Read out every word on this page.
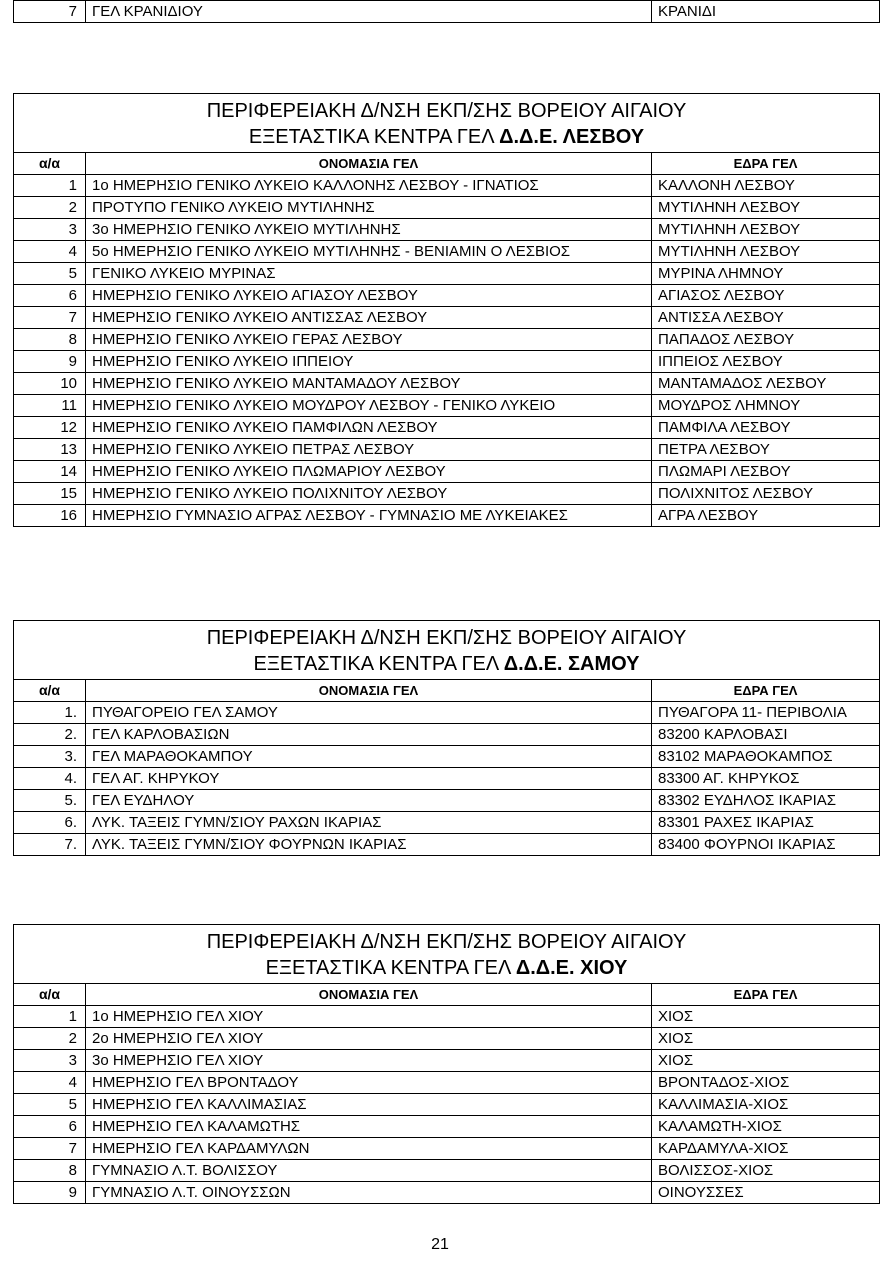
7	ΓΕΛ ΚΡΑΝΙΔΙΟΥ	ΚΡΑΝΙΔΙ
ΠΕΡΙΦΕΡΕΙΑΚΗ Δ/ΝΣΗ ΕΚΠ/ΣΗΣ ΒΟΡΕΙΟΥ ΑΙΓΑΙΟΥ
ΕΞΕΤΑΣΤΙΚΑ ΚΕΝΤΡΑ ΓΕΛ Δ.Δ.Ε. ΛΕΣΒΟΥ		

α/α	ΟΝΟΜΑΣΙΑ ΓΕΛ	ΕΔΡΑ ΓΕΛ
1	1ο ΗΜΕΡΗΣΙΟ ΓΕΝΙΚΟ ΛΥΚΕΙΟ ΚΑΛΛΟΝΗΣ ΛΕΣΒΟΥ - ΙΓΝΑΤΙΟΣ	ΚΑΛΛΟΝΗ ΛΕΣΒΟΥ
2	ΠΡΟΤΥΠΟ ΓΕΝΙΚΟ ΛΥΚΕΙΟ ΜΥΤΙΛΗΝΗΣ	ΜΥΤΙΛΗΝΗ ΛΕΣΒΟΥ
3	3ο ΗΜΕΡΗΣΙΟ ΓΕΝΙΚΟ ΛΥΚΕΙΟ ΜΥΤΙΛΗΝΗΣ	ΜΥΤΙΛΗΝΗ ΛΕΣΒΟΥ
4	5ο ΗΜΕΡΗΣΙΟ ΓΕΝΙΚΟ ΛΥΚΕΙΟ ΜΥΤΙΛΗΝΗΣ - ΒΕΝΙΑΜΙΝ Ο ΛΕΣΒΙΟΣ	ΜΥΤΙΛΗΝΗ ΛΕΣΒΟΥ
5	ΓΕΝΙΚΟ ΛΥΚΕΙΟ ΜΥΡΙΝΑΣ	ΜΥΡΙΝΑ ΛΗΜΝΟΥ
6	ΗΜΕΡΗΣΙΟ ΓΕΝΙΚΟ ΛΥΚΕΙΟ ΑΓΙΑΣΟΥ ΛΕΣΒΟΥ	ΑΓΙΑΣΟΣ ΛΕΣΒΟΥ
7	ΗΜΕΡΗΣΙΟ ΓΕΝΙΚΟ ΛΥΚΕΙΟ ΑΝΤΙΣΣΑΣ ΛΕΣΒΟΥ	ΑΝΤΙΣΣΑ ΛΕΣΒΟΥ
8	ΗΜΕΡΗΣΙΟ ΓΕΝΙΚΟ ΛΥΚΕΙΟ ΓΕΡΑΣ ΛΕΣΒΟΥ	ΠΑΠΑΔΟΣ ΛΕΣΒΟΥ
9	ΗΜΕΡΗΣΙΟ ΓΕΝΙΚΟ ΛΥΚΕΙΟ ΙΠΠΕΙΟΥ	ΙΠΠΕΙΟΣ ΛΕΣΒΟΥ
10	ΗΜΕΡΗΣΙΟ ΓΕΝΙΚΟ ΛΥΚΕΙΟ ΜΑΝΤΑΜΑΔΟΥ ΛΕΣΒΟΥ	ΜΑΝΤΑΜΑΔΟΣ ΛΕΣΒΟΥ
11	ΗΜΕΡΗΣΙΟ ΓΕΝΙΚΟ ΛΥΚΕΙΟ ΜΟΥΔΡΟΥ ΛΕΣΒΟΥ - ΓΕΝΙΚΟ ΛΥΚΕΙΟ	ΜΟΥΔΡΟΣ ΛΗΜΝΟΥ
12	ΗΜΕΡΗΣΙΟ ΓΕΝΙΚΟ ΛΥΚΕΙΟ ΠΑΜΦΙΛΩΝ ΛΕΣΒΟΥ	ΠΑΜΦΙΛΑ ΛΕΣΒΟΥ
13	ΗΜΕΡΗΣΙΟ ΓΕΝΙΚΟ ΛΥΚΕΙΟ ΠΕΤΡΑΣ ΛΕΣΒΟΥ	ΠΕΤΡΑ ΛΕΣΒΟΥ
14	ΗΜΕΡΗΣΙΟ ΓΕΝΙΚΟ ΛΥΚΕΙΟ ΠΛΩΜΑΡΙΟΥ ΛΕΣΒΟΥ	ΠΛΩΜΑΡΙ ΛΕΣΒΟΥ
15	ΗΜΕΡΗΣΙΟ ΓΕΝΙΚΟ ΛΥΚΕΙΟ ΠΟΛΙΧΝΙΤΟΥ ΛΕΣΒΟΥ	ΠΟΛΙΧΝΙΤΟΣ ΛΕΣΒΟΥ
16	ΗΜΕΡΗΣΙΟ ΓΥΜΝΑΣΙΟ ΑΓΡΑΣ ΛΕΣΒΟΥ - ΓΥΜΝΑΣΙΟ ΜΕ ΛΥΚΕΙΑΚΕΣ	ΑΓΡΑ ΛΕΣΒΟΥ
ΠΕΡΙΦΕΡΕΙΑΚΗ Δ/ΝΣΗ ΕΚΠ/ΣΗΣ ΒΟΡΕΙΟΥ ΑΙΓΑΙΟΥ
ΕΞΕΤΑΣΤΙΚΑ ΚΕΝΤΡΑ ΓΕΛ Δ.Δ.Ε. ΣΑΜΟΥ		

α/α	ΟΝΟΜΑΣΙΑ ΓΕΛ	ΕΔΡΑ ΓΕΛ
1.	ΠΥΘΑΓΟΡΕΙΟ ΓΕΛ ΣΑΜΟΥ	ΠΥΘΑΓΟΡΑ 11- ΠΕΡΙΒΟΛΙΑ
2.	ΓΕΛ ΚΑΡΛΟΒΑΣΙΩΝ	83200 ΚΑΡΛΟΒΑΣΙ
3.	ΓΕΛ ΜΑΡΑΘΟΚΑΜΠΟΥ	83102 ΜΑΡΑΘΟΚΑΜΠΟΣ
4.	ΓΕΛ ΑΓ. ΚΗΡΥΚΟΥ	83300 ΑΓ. ΚΗΡΥΚΟΣ
5.	ΓΕΛ ΕΥΔΗΛΟΥ	83302 ΕΥΔΗΛΟΣ ΙΚΑΡΙΑΣ
6.	ΛΥΚ. ΤΑΞΕΙΣ ΓΥΜΝ/ΣΙΟΥ ΡΑΧΩΝ ΙΚΑΡΙΑΣ	83301 ΡΑΧΕΣ ΙΚΑΡΙΑΣ
7.	ΛΥΚ. ΤΑΞΕΙΣ ΓΥΜΝ/ΣΙΟΥ ΦΟΥΡΝΩΝ ΙΚΑΡΙΑΣ	83400 ΦΟΥΡΝΟΙ ΙΚΑΡΙΑΣ
ΠΕΡΙΦΕΡΕΙΑΚΗ Δ/ΝΣΗ ΕΚΠ/ΣΗΣ ΒΟΡΕΙΟΥ ΑΙΓΑΙΟΥ
ΕΞΕΤΑΣΤΙΚΑ ΚΕΝΤΡΑ ΓΕΛ Δ.Δ.Ε. ΧΙΟΥ		

α/α	ΟΝΟΜΑΣΙΑ ΓΕΛ	ΕΔΡΑ ΓΕΛ
1	1ο ΗΜΕΡΗΣΙΟ ΓΕΛ ΧΙΟΥ	ΧΙΟΣ
2	2ο ΗΜΕΡΗΣΙΟ ΓΕΛ ΧΙΟΥ	ΧΙΟΣ
3	3ο ΗΜΕΡΗΣΙΟ ΓΕΛ ΧΙΟΥ	ΧΙΟΣ
4	ΗΜΕΡΗΣΙΟ ΓΕΛ ΒΡΟΝΤΑΔΟΥ	ΒΡΟΝΤΑΔΟΣ-ΧΙΟΣ
5	ΗΜΕΡΗΣΙΟ ΓΕΛ ΚΑΛΛΙΜΑΣΙΑΣ	ΚΑΛΛΙΜΑΣΙΑ-ΧΙΟΣ
6	ΗΜΕΡΗΣΙΟ ΓΕΛ ΚΑΛΑΜΩΤΗΣ	ΚΑΛΑΜΩΤΗ-ΧΙΟΣ
7	ΗΜΕΡΗΣΙΟ ΓΕΛ ΚΑΡΔΑΜΥΛΩΝ	ΚΑΡΔΑΜΥΛΑ-ΧΙΟΣ
8	ΓΥΜΝΑΣΙΟ Λ.Τ. ΒΟΛΙΣΣΟΥ	ΒΟΛΙΣΣΟΣ-ΧΙΟΣ
9	ΓΥΜΝΑΣΙΟ Λ.Τ. ΟΙΝΟΥΣΣΩΝ	ΟΙΝΟΥΣΣΕΣ
21
